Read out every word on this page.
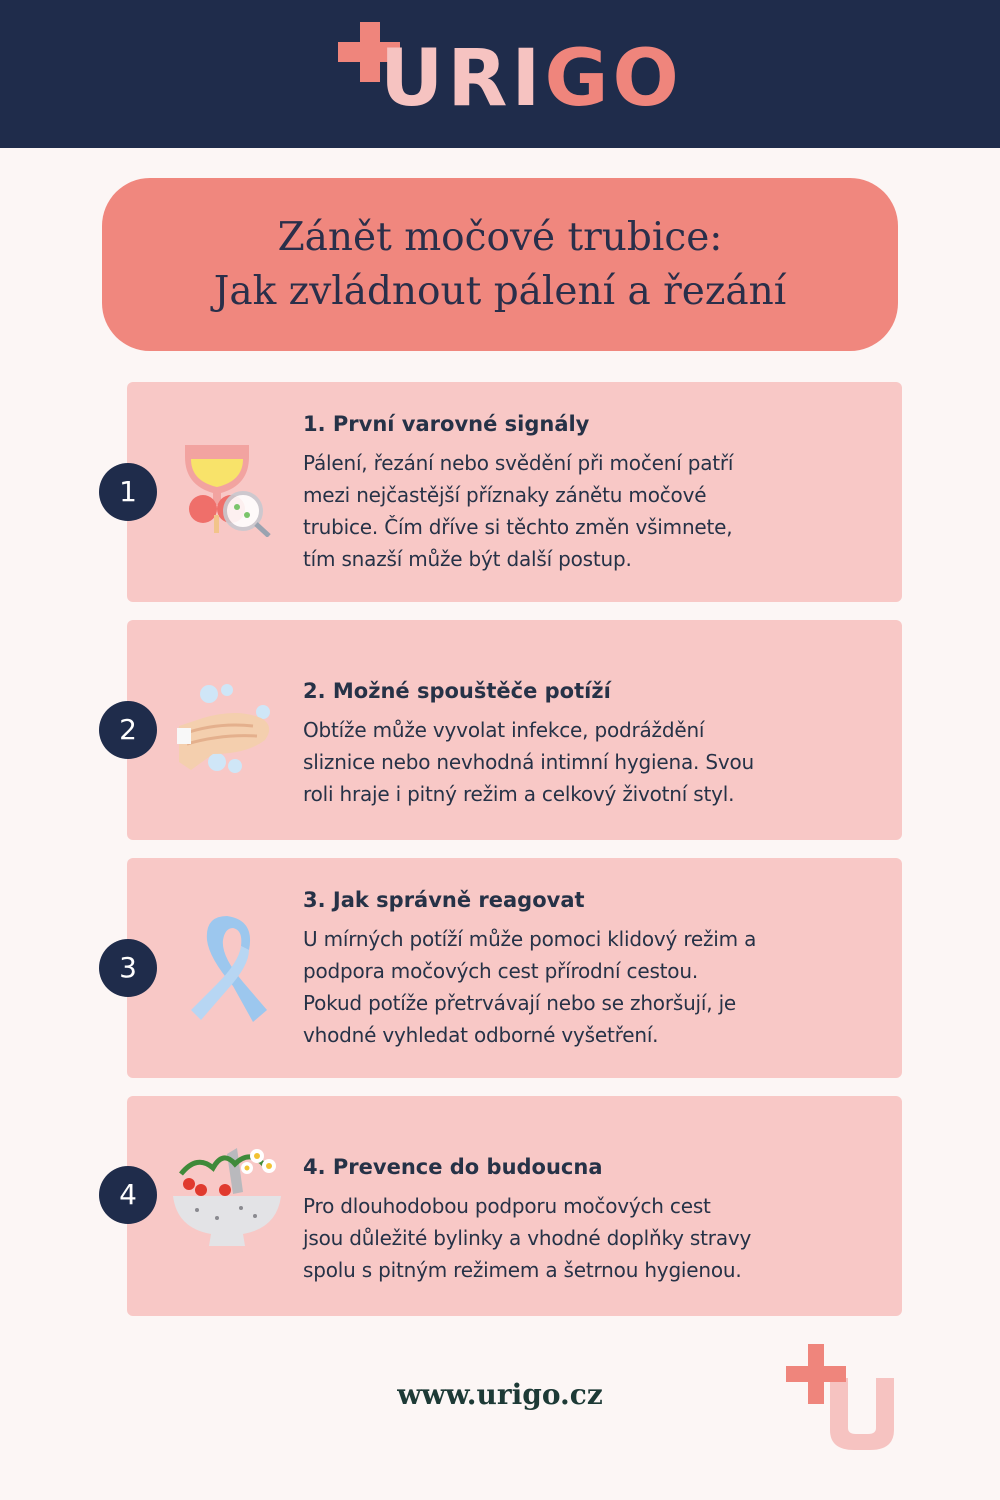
URIGO
Zánět močové trubice:
Jak zvládnout pálení a řezání
1
1. První varovné signály
Pálení, řezání nebo svědění při močení patří
mezi nejčastější příznaky zánětu močové
trubice. Čím dříve si těchto změn všimnete,
tím snazší může být další postup.
2
2. Možné spouštěče potíží
Obtíže může vyvolat infekce, podráždění
sliznice nebo nevhodná intimní hygiena. Svou
roli hraje i pitný režim a celkový životní styl.
3
3. Jak správně reagovat
U mírných potíží může pomoci klidový režim a
podpora močových cest přírodní cestou.
Pokud potíže přetrvávají nebo se zhoršují, je
vhodné vyhledat odborné vyšetření.
4
4. Prevence do budoucna
Pro dlouhodobou podporu močových cest
jsou důležité bylinky a vhodné doplňky stravy
spolu s pitným režimem a šetrnou hygienou.
www.urigo.cz
